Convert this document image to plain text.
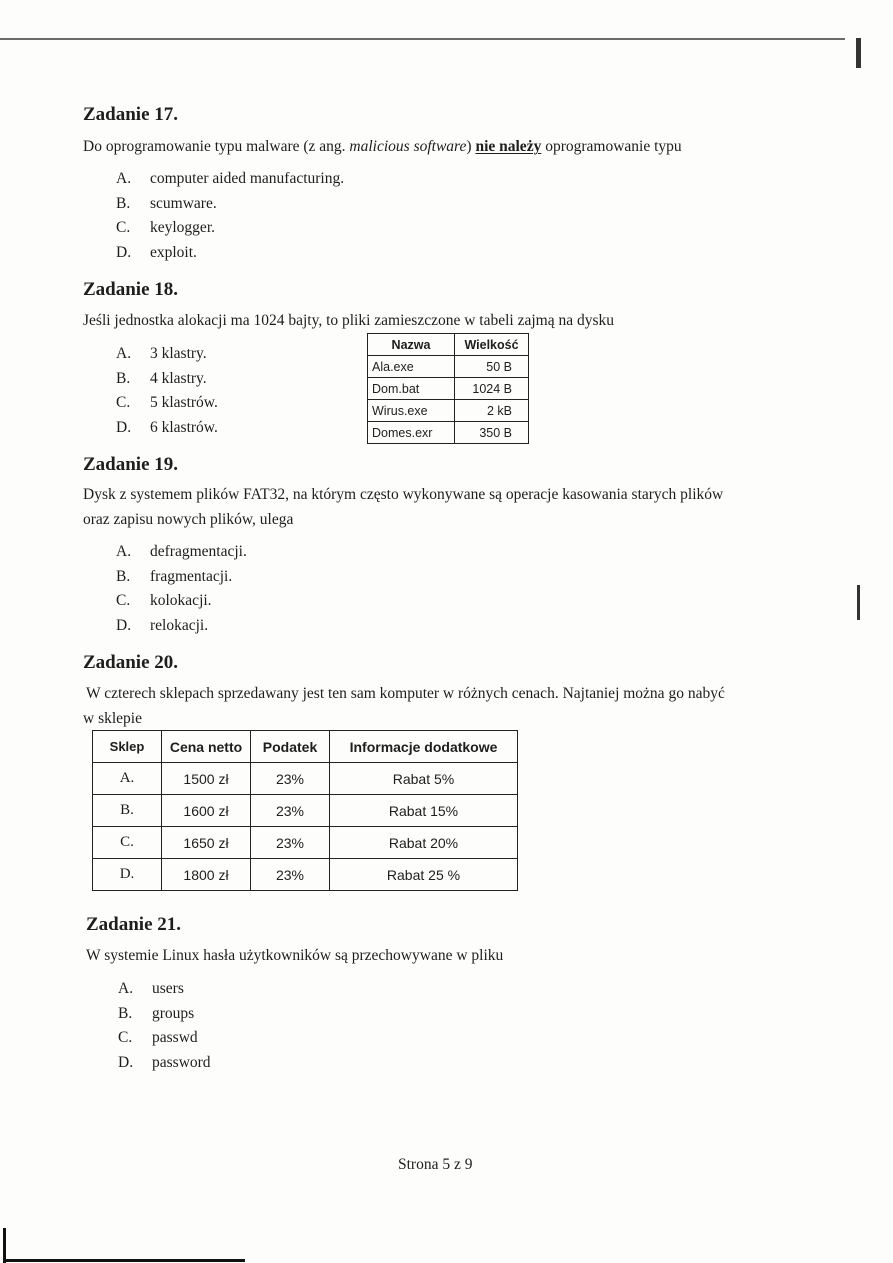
Zadanie 17.
Do oprogramowanie typu malware (z ang. malicious software) nie należy oprogramowanie typu
A. computer aided manufacturing.
B. scumware.
C. keylogger.
D. exploit.
Zadanie 18.
Jeśli jednostka alokacji ma 1024 bajty, to pliki zamieszczone w tabeli zajmą na dysku
A. 3 klastry.
B. 4 klastry.
C. 5 klastrów.
D. 6 klastrów.
Nazwa	Wielkość
Ala.exe	50 B
Dom.bat	1024 B
Wirus.exe	2 kB
Domes.exr	350 B
Zadanie 19.
Dysk z systemem plików FAT32, na którym często wykonywane są operacje kasowania starych plików
oraz zapisu nowych plików, ulega
A. defragmentacji.
B. fragmentacji.
C. kolokacji.
D. relokacji.
Zadanie 20.
W czterech sklepach sprzedawany jest ten sam komputer w różnych cenach. Najtaniej można go nabyć
w sklepie
Sklep	Cena netto	Podatek	Informacje dodatkowe
A.	1500 zł	23%	Rabat 5%
B.	1600 zł	23%	Rabat 15%
C.	1650 zł	23%	Rabat 20%
D.	1800 zł	23%	Rabat 25 %
Zadanie 21.
W systemie Linux hasła użytkowników są przechowywane w pliku
A. users
B. groups
C. passwd
D. password
Strona 5 z 9
